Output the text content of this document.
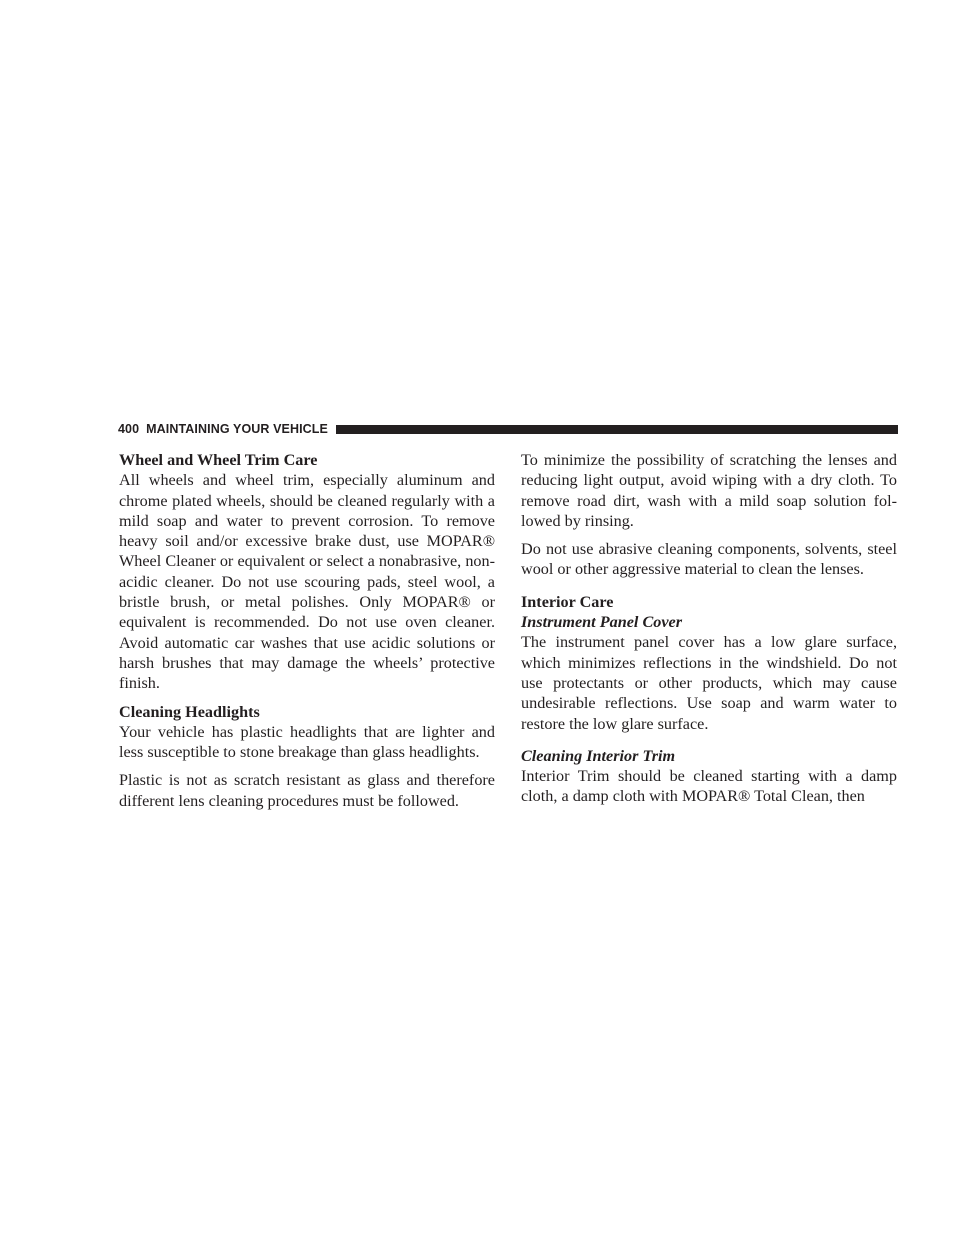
400 MAINTAINING YOUR VEHICLE

Wheel and Wheel Trim Care

All wheels and wheel trim, especially aluminum and chrome plated wheels, should be cleaned regularly with a mild soap and water to prevent corrosion. To remove heavy soil and/or excessive brake dust, use MOPAR® Wheel Cleaner or equivalent or select a nonabrasive, non-acidic cleaner. Do not use scouring pads, steel wool, a bristle brush, or metal polishes. Only MOPAR® or equivalent is recommended. Do not use oven cleaner. Avoid automatic car washes that use acidic solutions or harsh brushes that may damage the wheels’ protective finish.

Cleaning Headlights

Your vehicle has plastic headlights that are lighter and less susceptible to stone breakage than glass headlights.

Plastic is not as scratch resistant as glass and therefore different lens cleaning procedures must be followed.

To minimize the possibility of scratching the lenses and reducing light output, avoid wiping with a dry cloth. To remove road dirt, wash with a mild soap solution fol-lowed by rinsing.

Do not use abrasive cleaning components, solvents, steel wool or other aggressive material to clean the lenses.

Interior Care

Instrument Panel Cover

The instrument panel cover has a low glare surface, which minimizes reflections in the windshield. Do not use protectants or other products, which may cause undesirable reflections. Use soap and warm water to restore the low glare surface.

Cleaning Interior Trim

Interior Trim should be cleaned starting with a damp cloth, a damp cloth with MOPAR® Total Clean, then
